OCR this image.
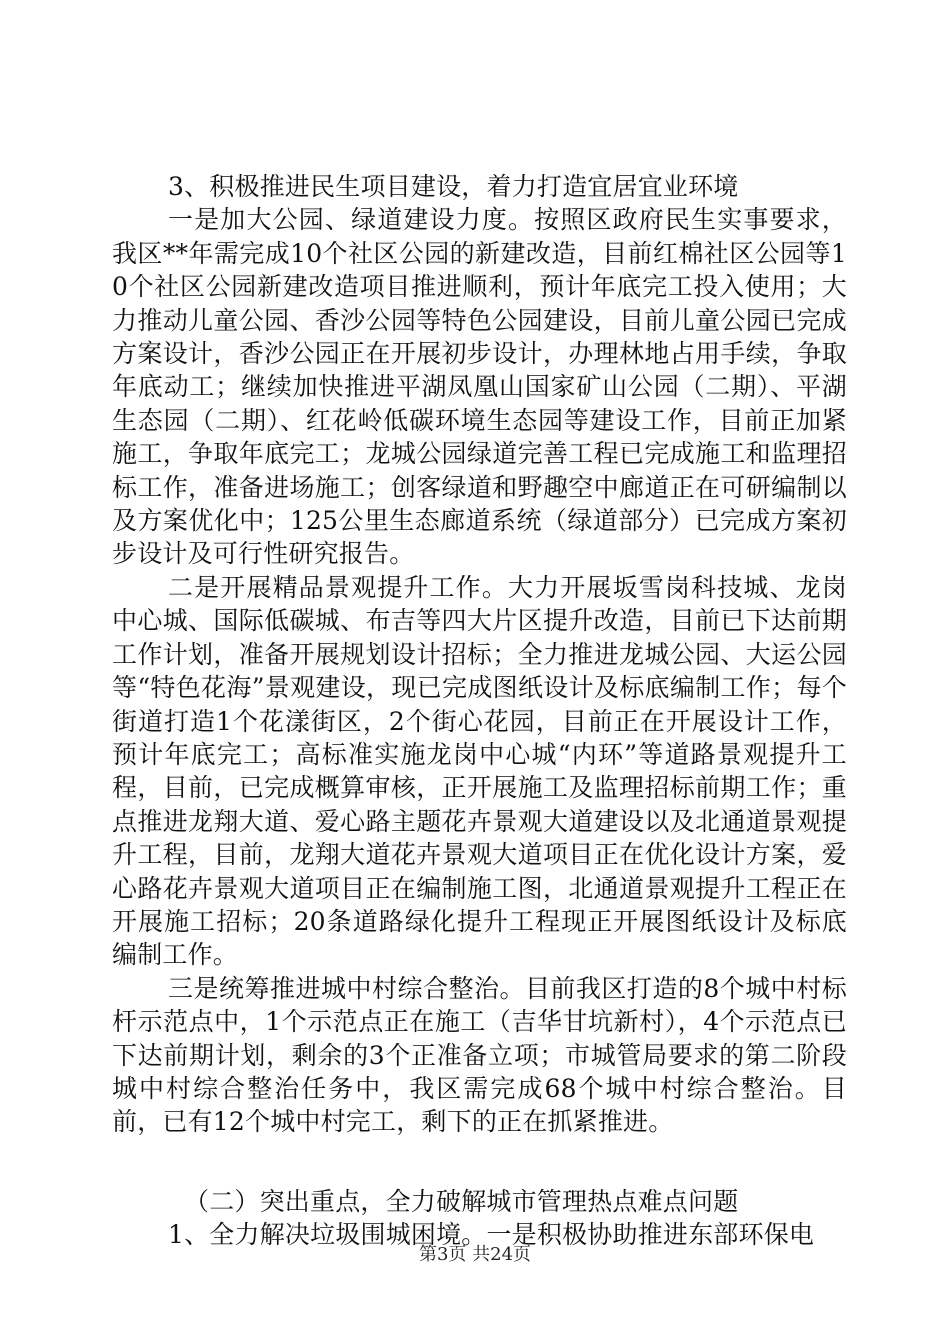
3、积极推进民生项目建设，着力打造宜居宜业环境

一是加大公园、绿道建设力度。按照区政府民生实事要求，我区**年需完成10个社区公园的新建改造，目前红棉社区公园等10个社区公园新建改造项目推进顺利，预计年底完工投入使用；大力推动儿童公园、香沙公园等特色公园建设，目前儿童公园已完成方案设计，香沙公园正在开展初步设计，办理林地占用手续，争取年底动工；继续加快推进平湖凤凰山国家矿山公园（二期）、平湖生态园（二期）、红花岭低碳环境生态园等建设工作，目前正加紧施工，争取年底完工；龙城公园绿道完善工程已完成施工和监理招标工作，准备进场施工；创客绿道和野趣空中廊道正在可研编制以及方案优化中；125公里生态廊道系统（绿道部分）已完成方案初步设计及可行性研究报告。

二是开展精品景观提升工作。大力开展坂雪岗科技城、龙岗中心城、国际低碳城、布吉等四大片区提升改造，目前已下达前期工作计划，准备开展规划设计招标；全力推进龙城公园、大运公园等“特色花海”景观建设，现已完成图纸设计及标底编制工作；每个街道打造1个花漾街区，2个街心花园，目前正在开展设计工作，预计年底完工；高标准实施龙岗中心城“内环”等道路景观提升工程，目前，已完成概算审核，正开展施工及监理招标前期工作；重点推进龙翔大道、爱心路主题花卉景观大道建设以及北通道景观提升工程，目前，龙翔大道花卉景观大道项目正在优化设计方案，爱心路花卉景观大道项目正在编制施工图，北通道景观提升工程正在开展施工招标；20条道路绿化提升工程现正开展图纸设计及标底编制工作。

三是统筹推进城中村综合整治。目前我区打造的8个城中村标杆示范点中，1个示范点正在施工（吉华甘坑新村），4个示范点已下达前期计划，剩余的3个正准备立项；市城管局要求的第二阶段城中村综合整治任务中，我区需完成68个城中村综合整治。目前，已有12个城中村完工，剩下的正在抓紧推进。

（二）突出重点，全力破解城市管理热点难点问题

1、全力解决垃圾围城困境。一是积极协助推进东部环保电

第3页 共24页
